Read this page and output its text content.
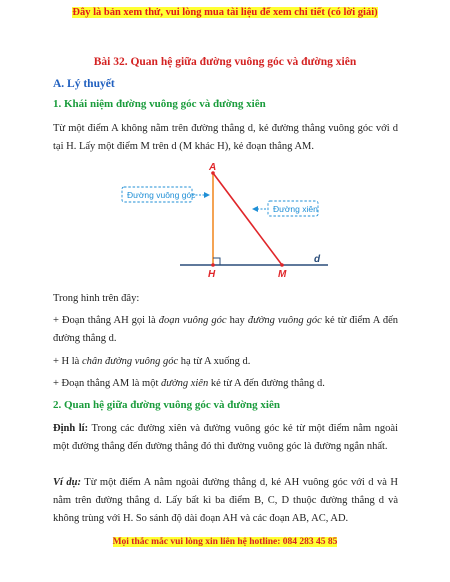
Đây là bản xem thử, vui lòng mua tài liệu để xem chi tiết (có lời giải)
Bài 32. Quan hệ giữa đường vuông góc và đường xiên
A. Lý thuyết
1. Khái niệm đường vuông góc và đường xiên
Từ một điểm A không nằm trên đường thẳng d, kẻ đường thẳng vuông góc với d tại H. Lấy một điểm M trên d (M khác H), kẻ đoạn thẳng AM.
A
H	M
d
Đường vuông góc
Đường xiên
Trong hình trên đây:
+ Đoạn thẳng AH gọi là đoạn vuông góc hay đường vuông góc kẻ từ điểm A đến đường thẳng d.
+ H là chân đường vuông góc hạ từ A xuống d.
+ Đoạn thẳng AM là một đường xiên kẻ từ A đến đường thẳng d.
2. Quan hệ giữa đường vuông góc và đường xiên
Định lí: Trong các đường xiên và đường vuông góc kẻ từ một điểm nằm ngoài một đường thẳng đến đường thẳng đó thì đường vuông góc là đường ngắn nhất.
Ví dụ: Từ một điểm A nằm ngoài đường thẳng d, kẻ AH vuông góc với d và H nằm trên đường thẳng d. Lấy bất kì ba điểm B, C, D thuộc đường thẳng d và không trùng với H. So sánh độ dài đoạn AH và các đoạn AB, AC, AD.
Mọi thắc mắc vui lòng xin liên hệ hotline: 084 283 45 85
